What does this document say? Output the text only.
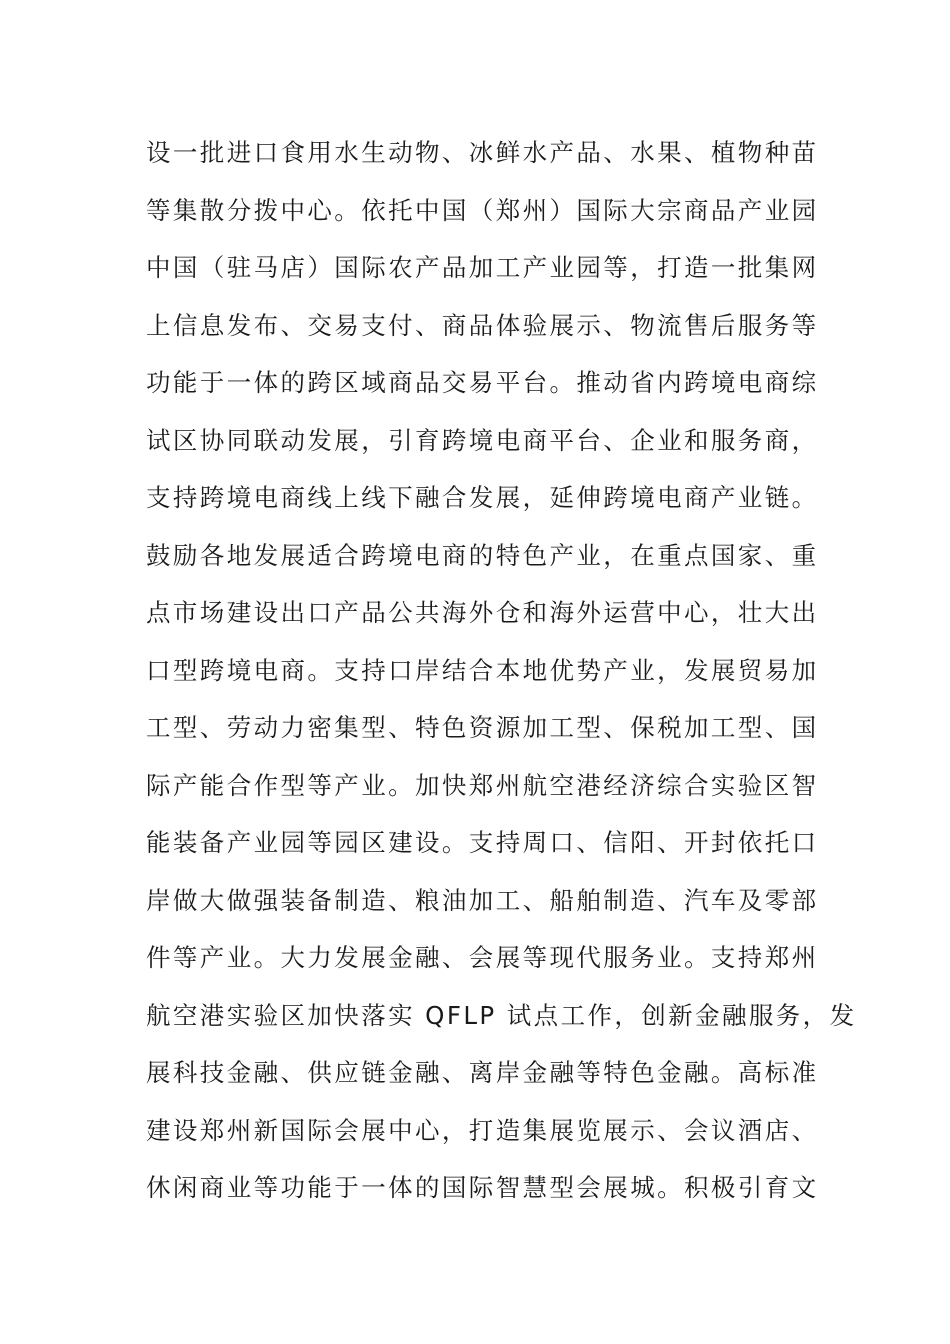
设一批进口食用水生动物、冰鲜水产品、水果、植物种苗
等集散分拨中心。依托中国（郑州）国际大宗商品产业园
中国（驻马店）国际农产品加工产业园等，打造一批集网
上信息发布、交易支付、商品体验展示、物流售后服务等
功能于一体的跨区域商品交易平台。推动省内跨境电商综
试区协同联动发展，引育跨境电商平台、企业和服务商，
支持跨境电商线上线下融合发展，延伸跨境电商产业链。
鼓励各地发展适合跨境电商的特色产业，在重点国家、重
点市场建设出口产品公共海外仓和海外运营中心，壮大出
口型跨境电商。支持口岸结合本地优势产业，发展贸易加
工型、劳动力密集型、特色资源加工型、保税加工型、国
际产能合作型等产业。加快郑州航空港经济综合实验区智
能装备产业园等园区建设。支持周口、信阳、开封依托口
岸做大做强装备制造、粮油加工、船舶制造、汽车及零部
件等产业。大力发展金融、会展等现代服务业。支持郑州
航空港实验区加快落实 QFLP 试点工作，创新金融服务，发
展科技金融、供应链金融、离岸金融等特色金融。高标准
建设郑州新国际会展中心，打造集展览展示、会议酒店、
休闲商业等功能于一体的国际智慧型会展城。积极引育文
